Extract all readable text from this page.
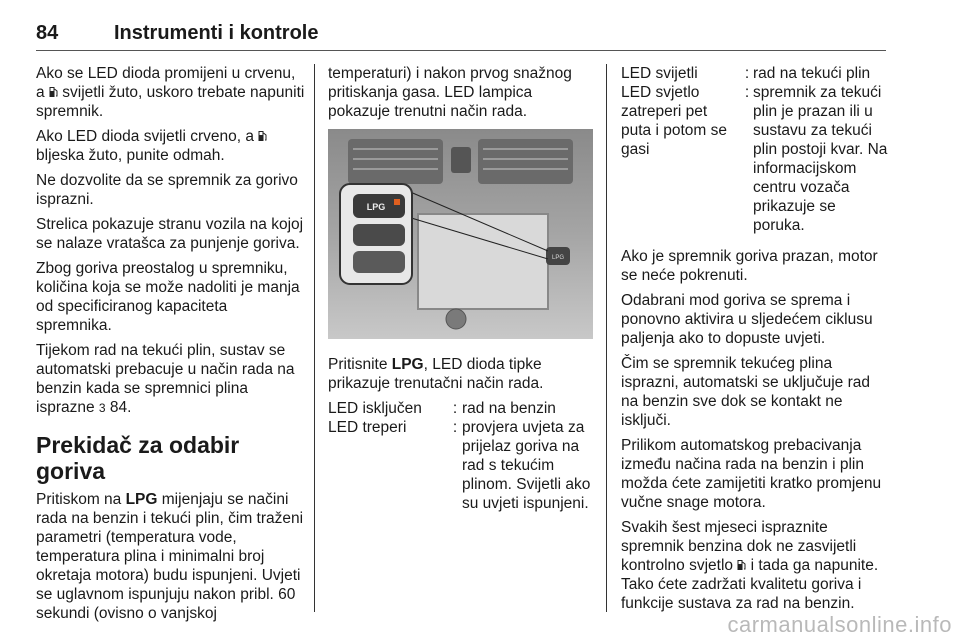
84	Instrumenti i kontrole

Ako se LED dioda promijeni u crvenu, a  svijetli žuto, uskoro trebate napuniti spremnik.

Ako LED dioda svijetli crveno, a  bljeska žuto, punite odmah.

Ne dozvolite da se spremnik za gorivo isprazni.

Strelica pokazuje stranu vozila na kojoj se nalaze vratašca za punjenje goriva.

Zbog goriva preostalog u spremniku, količina koja se može nadoliti je manja od specificiranog kapaciteta spremnika.

Tijekom rad na tekući plin, sustav se automatski prebacuje u način rada na benzin kada se spremnici plina isprazne 3 84.

Prekidač za odabir goriva

Pritiskom na LPG mijenjaju se načini rada na benzin i tekući plin, čim traženi parametri (temperatura vode, temperatura plina i minimalni broj okretaja motora) budu ispunjeni. Uvjeti se uglavnom ispunjuju nakon pribl. 60 sekundi (ovisno o vanjskoj

temperaturi) i nakon prvog snažnog pritiskanja gasa. LED lampica pokazuje trenutni način rada.

LPG
LPG

Pritisnite LPG, LED dioda tipke prikazuje trenutačni način rada.

LED isključen	: rad na benzin
LED treperi	: provjera uvjeta za prijelaz goriva na rad s tekućim plinom. Svijetli ako su uvjeti ispunjeni.
LED svijetli	: rad na tekući plin
LED svjetlo zatreperi pet puta i potom se gasi
: spremnik za tekući plin je prazan ili u sustavu za tekući plin postoji kvar. Na informacijskom centru vozača prikazuje se poruka.

Ako je spremnik goriva prazan, motor se neće pokrenuti.

Odabrani mod goriva se sprema i ponovno aktivira u sljedećem ciklusu paljenja ako to dopuste uvjeti.

Čim se spremnik tekućeg plina isprazni, automatski se uključuje rad na benzin sve dok se kontakt ne isključi.

Prilikom automatskog prebacivanja između načina rada na benzin i plin možda ćete zamijetiti kratko promjenu vučne snage motora.

Svakih šest mjeseci ispraznite spremnik benzina dok ne zasvijetli kontrolno svjetlo  i tada ga napunite. Tako ćete zadržati kvalitetu goriva i funkcije sustava za rad na benzin.

carmanualsonline.info
